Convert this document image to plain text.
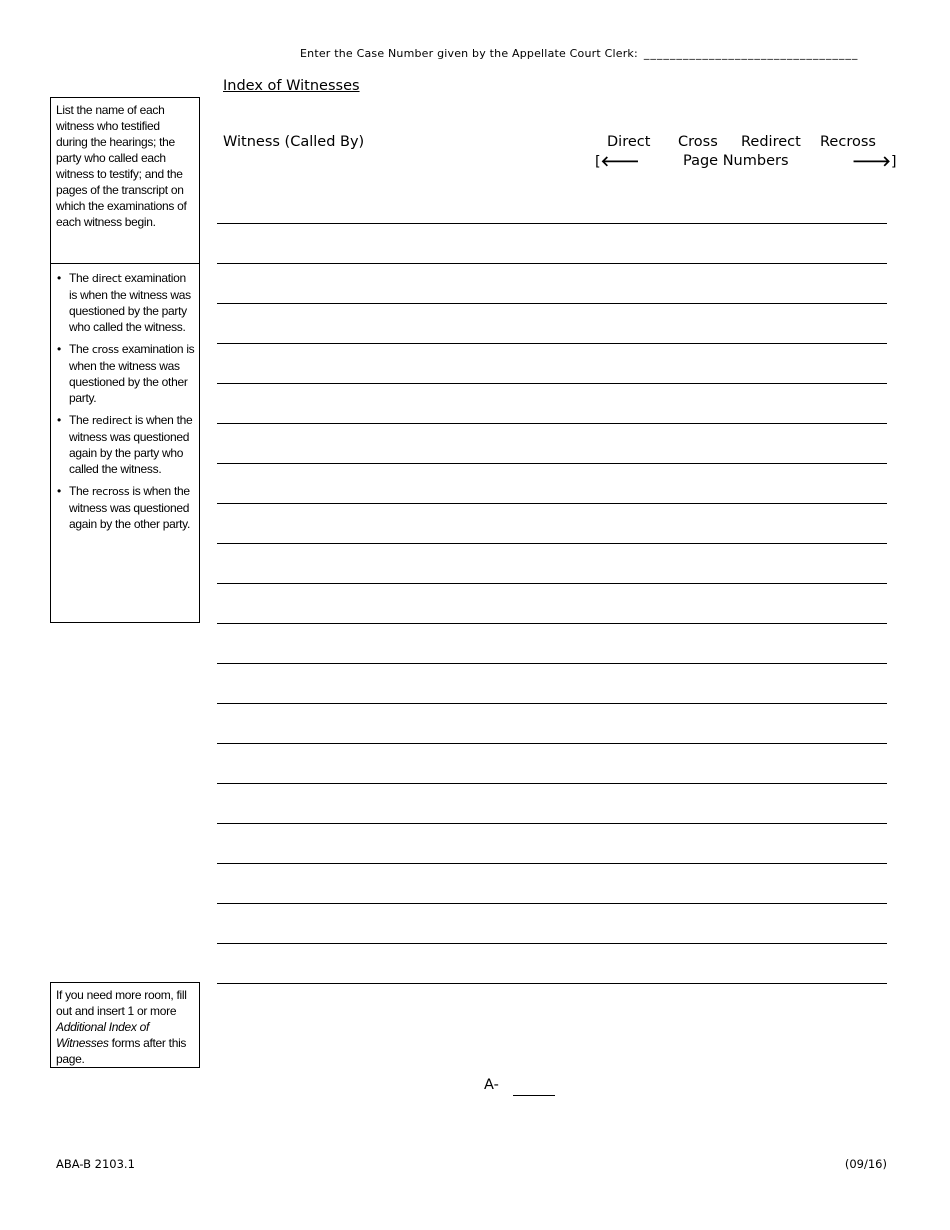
Enter the Case Number given by the Appellate Court Clerk: _________________________________
Index of Witnesses
List the name of each witness who testified during the hearings; the party who called each witness to testify; and the pages of the transcript on which the examinations of each witness begin.
• The direct examination is when the witness was questioned by the party who called the witness.
• The cross examination is when the witness was questioned by the other party.
• The redirect is when the witness was questioned again by the party who called the witness.
• The recross is when the witness was questioned again by the other party.
If you need more room, fill out and insert 1 or more Additional Index of Witnesses forms after this page.
Witness (Called By)	Direct Cross Redirect Recross
[🡐	Page Numbers	🡒]
A-
ABA-B 2103.1	(09/16)
